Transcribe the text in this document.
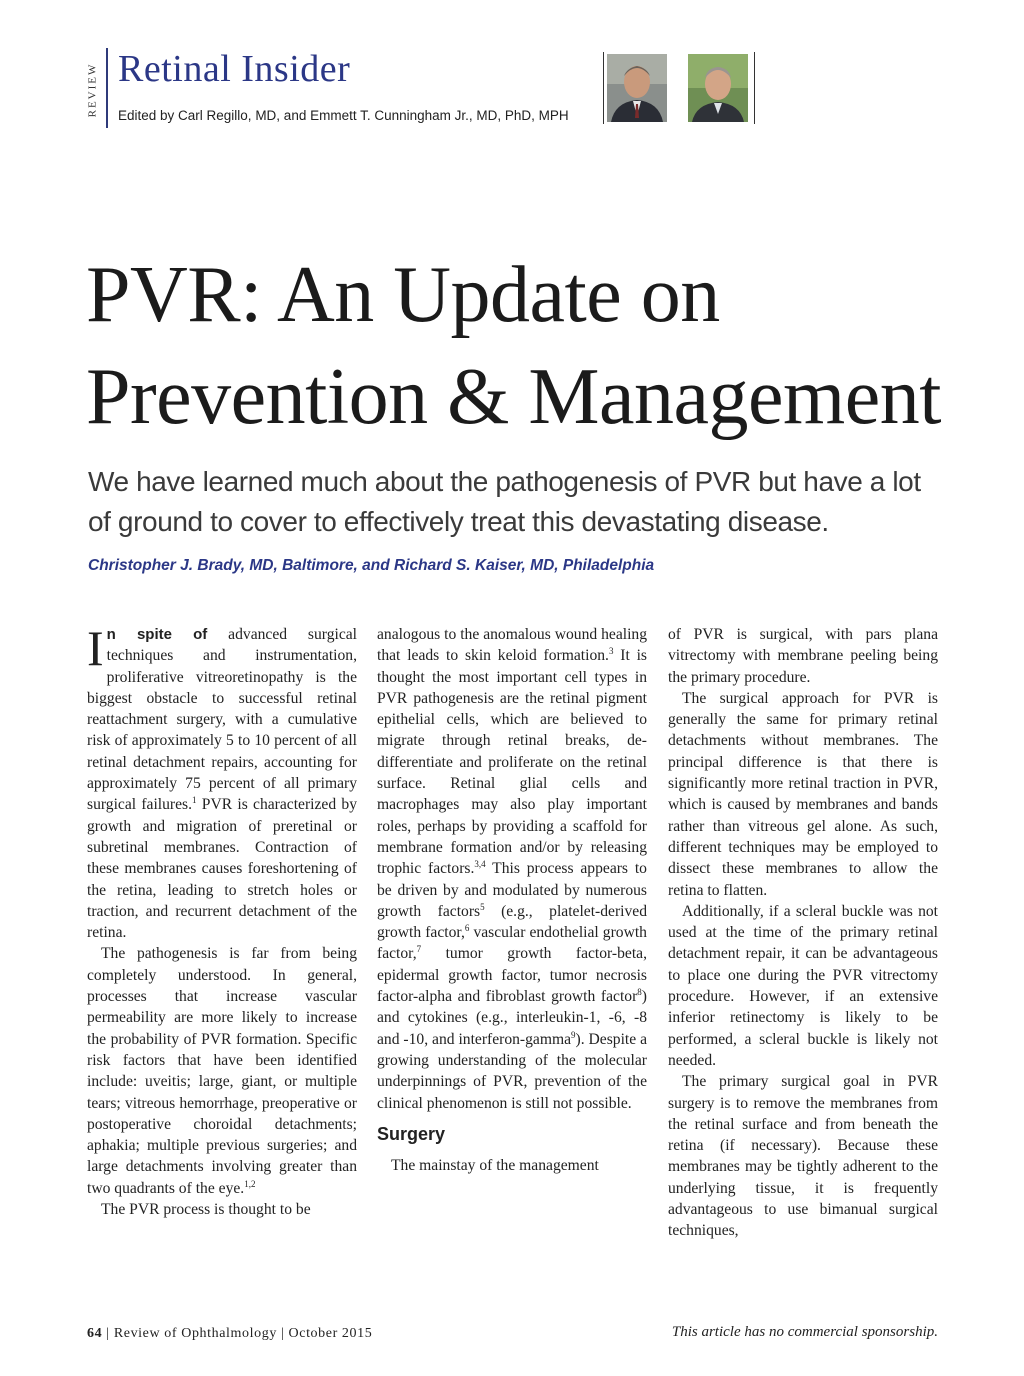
REVIEW Retinal Insider
Edited by Carl Regillo, MD, and Emmett T. Cunningham Jr., MD, PhD, MPH
PVR: An Update on
Prevention & Management

We have learned much about the pathogenesis of PVR but have a lot of ground to cover to effectively treat this devastating disease.

Christopher J. Brady, MD, Baltimore, and Richard S. Kaiser, MD, Philadelphia

In spite of advanced surgical techniques and instrumentation, proliferative vitreoretinopathy is the biggest obstacle to successful retinal reattachment surgery, with a cumulative risk of approximately 5 to 10 percent of all retinal detachment repairs, accounting for approximately 75 percent of all primary surgical failures.$^1$ PVR is characterized by growth and migration of preretinal or subretinal membranes. Contraction of these membranes causes foreshortening of the retina, leading to stretch holes or traction, and recurrent detachment of the retina.

The pathogenesis is far from being completely understood. In general, processes that increase vascular permeability are more likely to increase the probability of PVR formation. Specific risk factors that have been identified include: uveitis; large, giant, or multiple tears; vitreous hemorrhage, preoperative or postoperative choroidal detachments; aphakia; multiple previous surgeries; and large detachments involving greater than two quadrants of the eye.$^{1,2}$

The PVR process is thought to be

analogous to the anomalous wound healing that leads to skin keloid formation.$^3$ It is thought the most important cell types in PVR pathogenesis are the retinal pigment epithelial cells, which are believed to migrate through retinal breaks, de-differentiate and proliferate on the retinal surface. Retinal glial cells and macrophages may also play important roles, perhaps by providing a scaffold for membrane formation and/or by releasing trophic factors.$^{3,4}$ This process appears to be driven by and modulated by numerous growth factors$^5$ (e.g., platelet-derived growth factor,$^6$ vascular endothelial growth factor,$^7$ tumor growth factor-beta, epidermal growth factor, tumor necrosis factor-alpha and fibroblast growth factor$^8$) and cytokines (e.g., interleukin-1, -6, -8 and -10, and interferon-gamma$^9$). Despite a growing understanding of the molecular underpinnings of PVR, prevention of the clinical phenomenon is still not possible.

Surgery

The mainstay of the management

of PVR is surgical, with pars plana vitrectomy with membrane peeling being the primary procedure.

The surgical approach for PVR is generally the same for primary retinal detachments without membranes. The principal difference is that there is significantly more retinal traction in PVR, which is caused by membranes and bands rather than vitreous gel alone. As such, different techniques may be employed to dissect these membranes to allow the retina to flatten.

Additionally, if a scleral buckle was not used at the time of the primary retinal detachment repair, it can be advantageous to place one during the PVR vitrectomy procedure. However, if an extensive inferior retinectomy is likely to be performed, a scleral buckle is likely not needed.

The primary surgical goal in PVR surgery is to remove the membranes from the retinal surface and from beneath the retina (if necessary). Because these membranes may be tightly adherent to the underlying tissue, it is frequently advantageous to use bimanual surgical techniques,

64 | Review of Ophthalmology | October 2015	This article has no commercial sponsorship.
